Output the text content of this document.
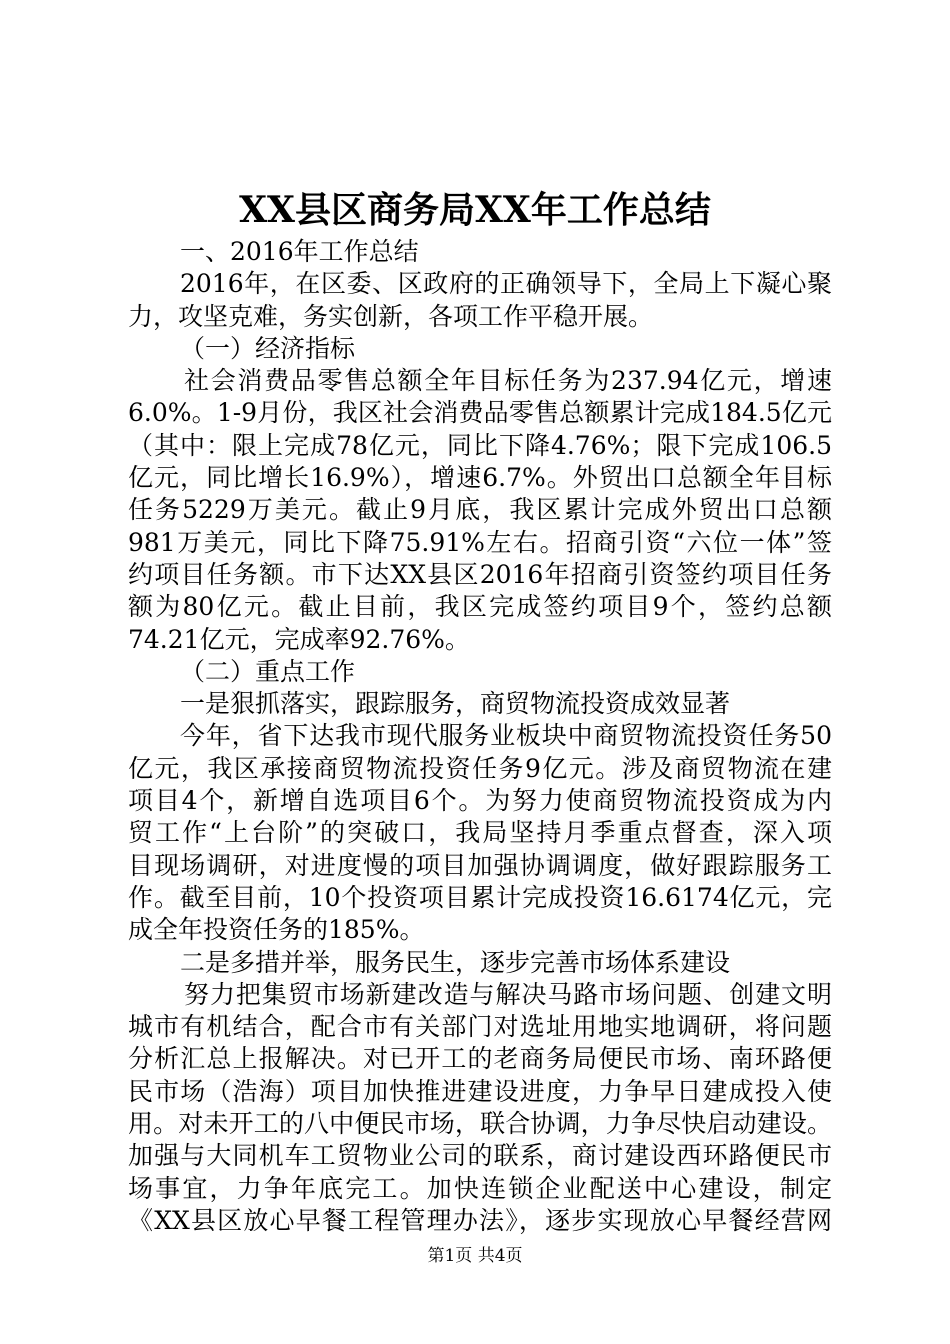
XX县区商务局XX年工作总结
一、2016年工作总结
2016年，在区委、区政府的正确领导下，全局上下凝心聚
力，攻坚克难，务实创新，各项工作平稳开展。
（一）经济指标
社会消费品零售总额全年目标任务为237.94亿元，增速
6.0%。1-9月份，我区社会消费品零售总额累计完成184.5亿元
（其中：限上完成78亿元，同比下降4.76%；限下完成106.5
亿元，同比增长16.9%），增速6.7%。外贸出口总额全年目标
任务5229万美元。截止9月底，我区累计完成外贸出口总额
981万美元，同比下降75.91%左右。招商引资“六位一体”签
约项目任务额。市下达XX县区2016年招商引资签约项目任务
额为80亿元。截止目前，我区完成签约项目9个，签约总额
74.21亿元，完成率92.76%。
（二）重点工作
一是狠抓落实，跟踪服务，商贸物流投资成效显著
今年，省下达我市现代服务业板块中商贸物流投资任务50
亿元，我区承接商贸物流投资任务9亿元。涉及商贸物流在建
项目4个，新增自选项目6个。为努力使商贸物流投资成为内
贸工作“上台阶”的突破口，我局坚持月季重点督查，深入项
目现场调研，对进度慢的项目加强协调调度，做好跟踪服务工
作。截至目前，10个投资项目累计完成投资16.6174亿元，完
成全年投资任务的185%。
二是多措并举，服务民生，逐步完善市场体系建设
努力把集贸市场新建改造与解决马路市场问题、创建文明
城市有机结合，配合市有关部门对选址用地实地调研，将问题
分析汇总上报解决。对已开工的老商务局便民市场、南环路便
民市场（浩海）项目加快推进建设进度，力争早日建成投入使
用。对未开工的八中便民市场，联合协调，力争尽快启动建设。
加强与大同机车工贸物业公司的联系，商讨建设西环路便民市
场事宜，力争年底完工。加快连锁企业配送中心建设，制定
《XX县区放心早餐工程管理办法》，逐步实现放心早餐经营网
第1页 共4页
